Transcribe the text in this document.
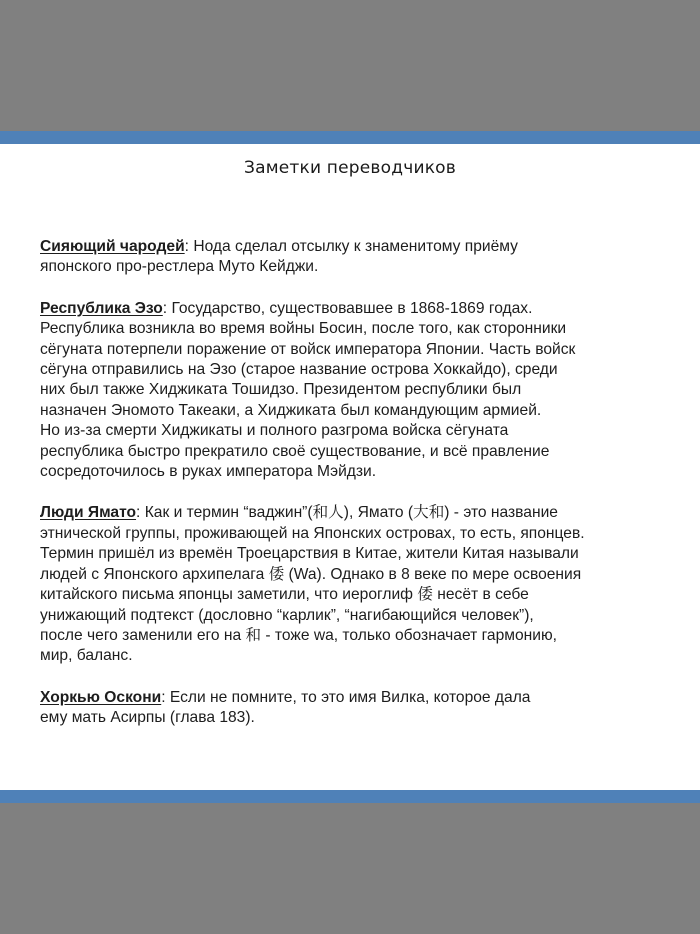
Заметки переводчиков
Сияющий чародей: Нода сделал отсылку к знаменитому приёму
японского про-рестлера Муто Кейджи.
Республика Эзо: Государство, существовавшее в 1868-1869 годах.
Республика возникла во время войны Босин, после того, как сторонники
сёгуната потерпели поражение от войск императора Японии. Часть войск
сёгуна отправились на Эзо (старое название острова Хоккайдо), среди
них был также Хиджиката Тошидзо. Президентом республики был
назначен Эномото Такеаки, а Хиджиката был командующим армией.
Но из-за смерти Хиджикаты и полного разгрома войска сёгуната
республика быстро прекратило своё существование, и всё правление
сосредоточилось в руках императора Мэйдзи.
Люди Ямато: Как и термин “ваджин”(和人), Ямато (大和) - это название
этнической группы, проживающей на Японских островах, то есть, японцев.
Термин пришёл из времён Троецарствия в Китае, жители Китая называли
людей с Японского архипелага 倭 (Wa). Однако в 8 веке по мере освоения
китайского письма японцы заметили, что иероглиф 倭 несёт в себе
унижающий подтекст (дословно “карлик”, “нагибающийся человек”),
после чего заменили его на 和 - тоже wa, только обозначает гармонию,
мир, баланс.
Хоркью Оскони: Если не помните, то это имя Вилка, которое дала
ему мать Асирпы (глава 183).
